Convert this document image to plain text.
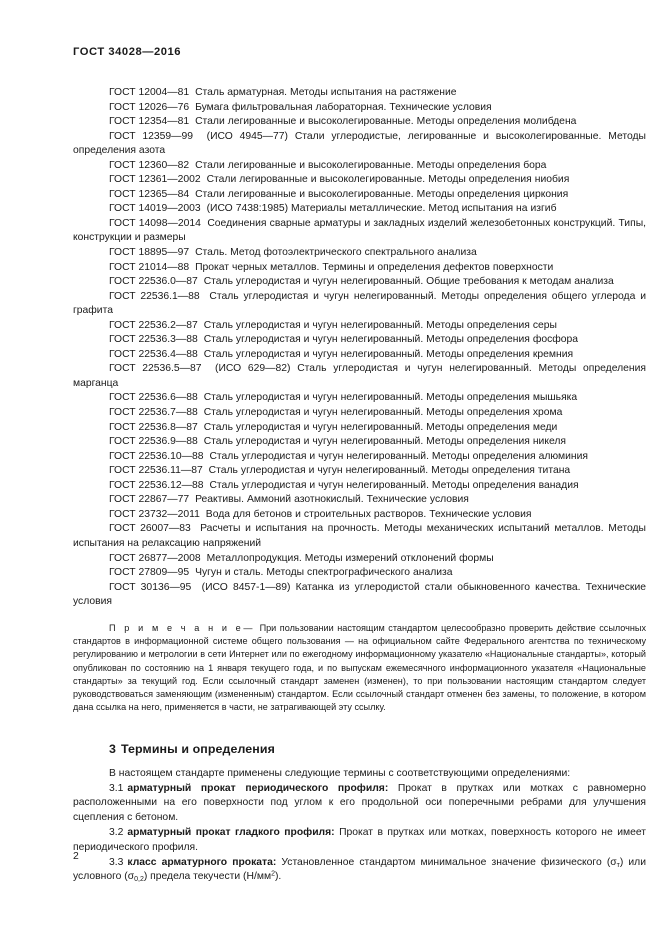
ГОСТ 34028—2016

ГОСТ 12004—81 Сталь арматурная. Методы испытания на растяжение

ГОСТ 12026—76 Бумага фильтровальная лабораторная. Технические условия

ГОСТ 12354—81 Стали легированные и высоколегированные. Методы определения молибдена

ГОСТ 12359—99 (ИСО 4945—77) Стали углеродистые, легированные и высоколегированные. Методы определения азота

ГОСТ 12360—82 Стали легированные и высоколегированные. Методы определения бора

ГОСТ 12361—2002 Стали легированные и высоколегированные. Методы определения ниобия

ГОСТ 12365—84 Стали легированные и высоколегированные. Методы определения циркония

ГОСТ 14019—2003 (ИСО 7438:1985) Материалы металлические. Метод испытания на изгиб

ГОСТ 14098—2014 Соединения сварные арматуры и закладных изделий железобетонных конструкций. Типы, конструкции и размеры

ГОСТ 18895—97 Сталь. Метод фотоэлектрического спектрального анализа

ГОСТ 21014—88 Прокат черных металлов. Термины и определения дефектов поверхности

ГОСТ 22536.0—87 Сталь углеродистая и чугун нелегированный. Общие требования к методам анализа

ГОСТ 22536.1—88 Сталь углеродистая и чугун нелегированный. Методы определения общего углерода и графита

ГОСТ 22536.2—87 Сталь углеродистая и чугун нелегированный. Методы определения серы

ГОСТ 22536.3—88 Сталь углеродистая и чугун нелегированный. Методы определения фосфора

ГОСТ 22536.4—88 Сталь углеродистая и чугун нелегированный. Методы определения кремния

ГОСТ 22536.5—87 (ИСО 629—82) Сталь углеродистая и чугун нелегированный. Методы определения марганца

ГОСТ 22536.6—88 Сталь углеродистая и чугун нелегированный. Методы определения мышьяка

ГОСТ 22536.7—88 Сталь углеродистая и чугун нелегированный. Методы определения хрома

ГОСТ 22536.8—87 Сталь углеродистая и чугун нелегированный. Методы определения меди

ГОСТ 22536.9—88 Сталь углеродистая и чугун нелегированный. Методы определения никеля

ГОСТ 22536.10—88 Сталь углеродистая и чугун нелегированный. Методы определения алюминия

ГОСТ 22536.11—87 Сталь углеродистая и чугун нелегированный. Методы определения титана

ГОСТ 22536.12—88 Сталь углеродистая и чугун нелегированный. Методы определения ванадия

ГОСТ 22867—77 Реактивы. Аммоний азотнокислый. Технические условия

ГОСТ 23732—2011 Вода для бетонов и строительных растворов. Технические условия

ГОСТ 26007—83 Расчеты и испытания на прочность. Методы механических испытаний металлов. Методы испытания на релаксацию напряжений

ГОСТ 26877—2008 Металлопродукция. Методы измерений отклонений формы

ГОСТ 27809—95 Чугун и сталь. Методы спектрографического анализа

ГОСТ 30136—95 (ИСО 8457-1—89) Катанка из углеродистой стали обыкновенного качества. Технические условия

П р и м е ч а н и е— При пользовании настоящим стандартом целесообразно проверить действие ссылочных стандартов в информационной системе общего пользования — на официальном сайте Федерального агентства по техническому регулированию и метрологии в сети Интернет или по ежегодному информационному указателю «Национальные стандарты», который опубликован по состоянию на 1 января текущего года, и по выпускам ежемесячного информационного указателя «Национальные стандарты» за текущий год. Если ссылочный стандарт заменен (изменен), то при пользовании настоящим стандартом следует руководствоваться заменяющим (измененным) стандартом. Если ссылочный стандарт отменен без замены, то положение, в котором дана ссылка на него, применяется в части, не затрагивающей эту ссылку.

3 Термины и определения

В настоящем стандарте применены следующие термины с соответствующими определениями:

3.1 арматурный прокат периодического профиля: Прокат в прутках или мотках с равномерно расположенными на его поверхности под углом к его продольной оси поперечными ребрами для улучшения сцепления с бетоном.

3.2 арматурный прокат гладкого профиля: Прокат в прутках или мотках, поверхность которого не имеет периодического профиля.

3.3 класс арматурного проката: Установленное стандартом минимальное значение физического $(\sigma_т)$ или условного $(\sigma_{0,2})$ предела текучести $(Н/мм^2)$.

2
